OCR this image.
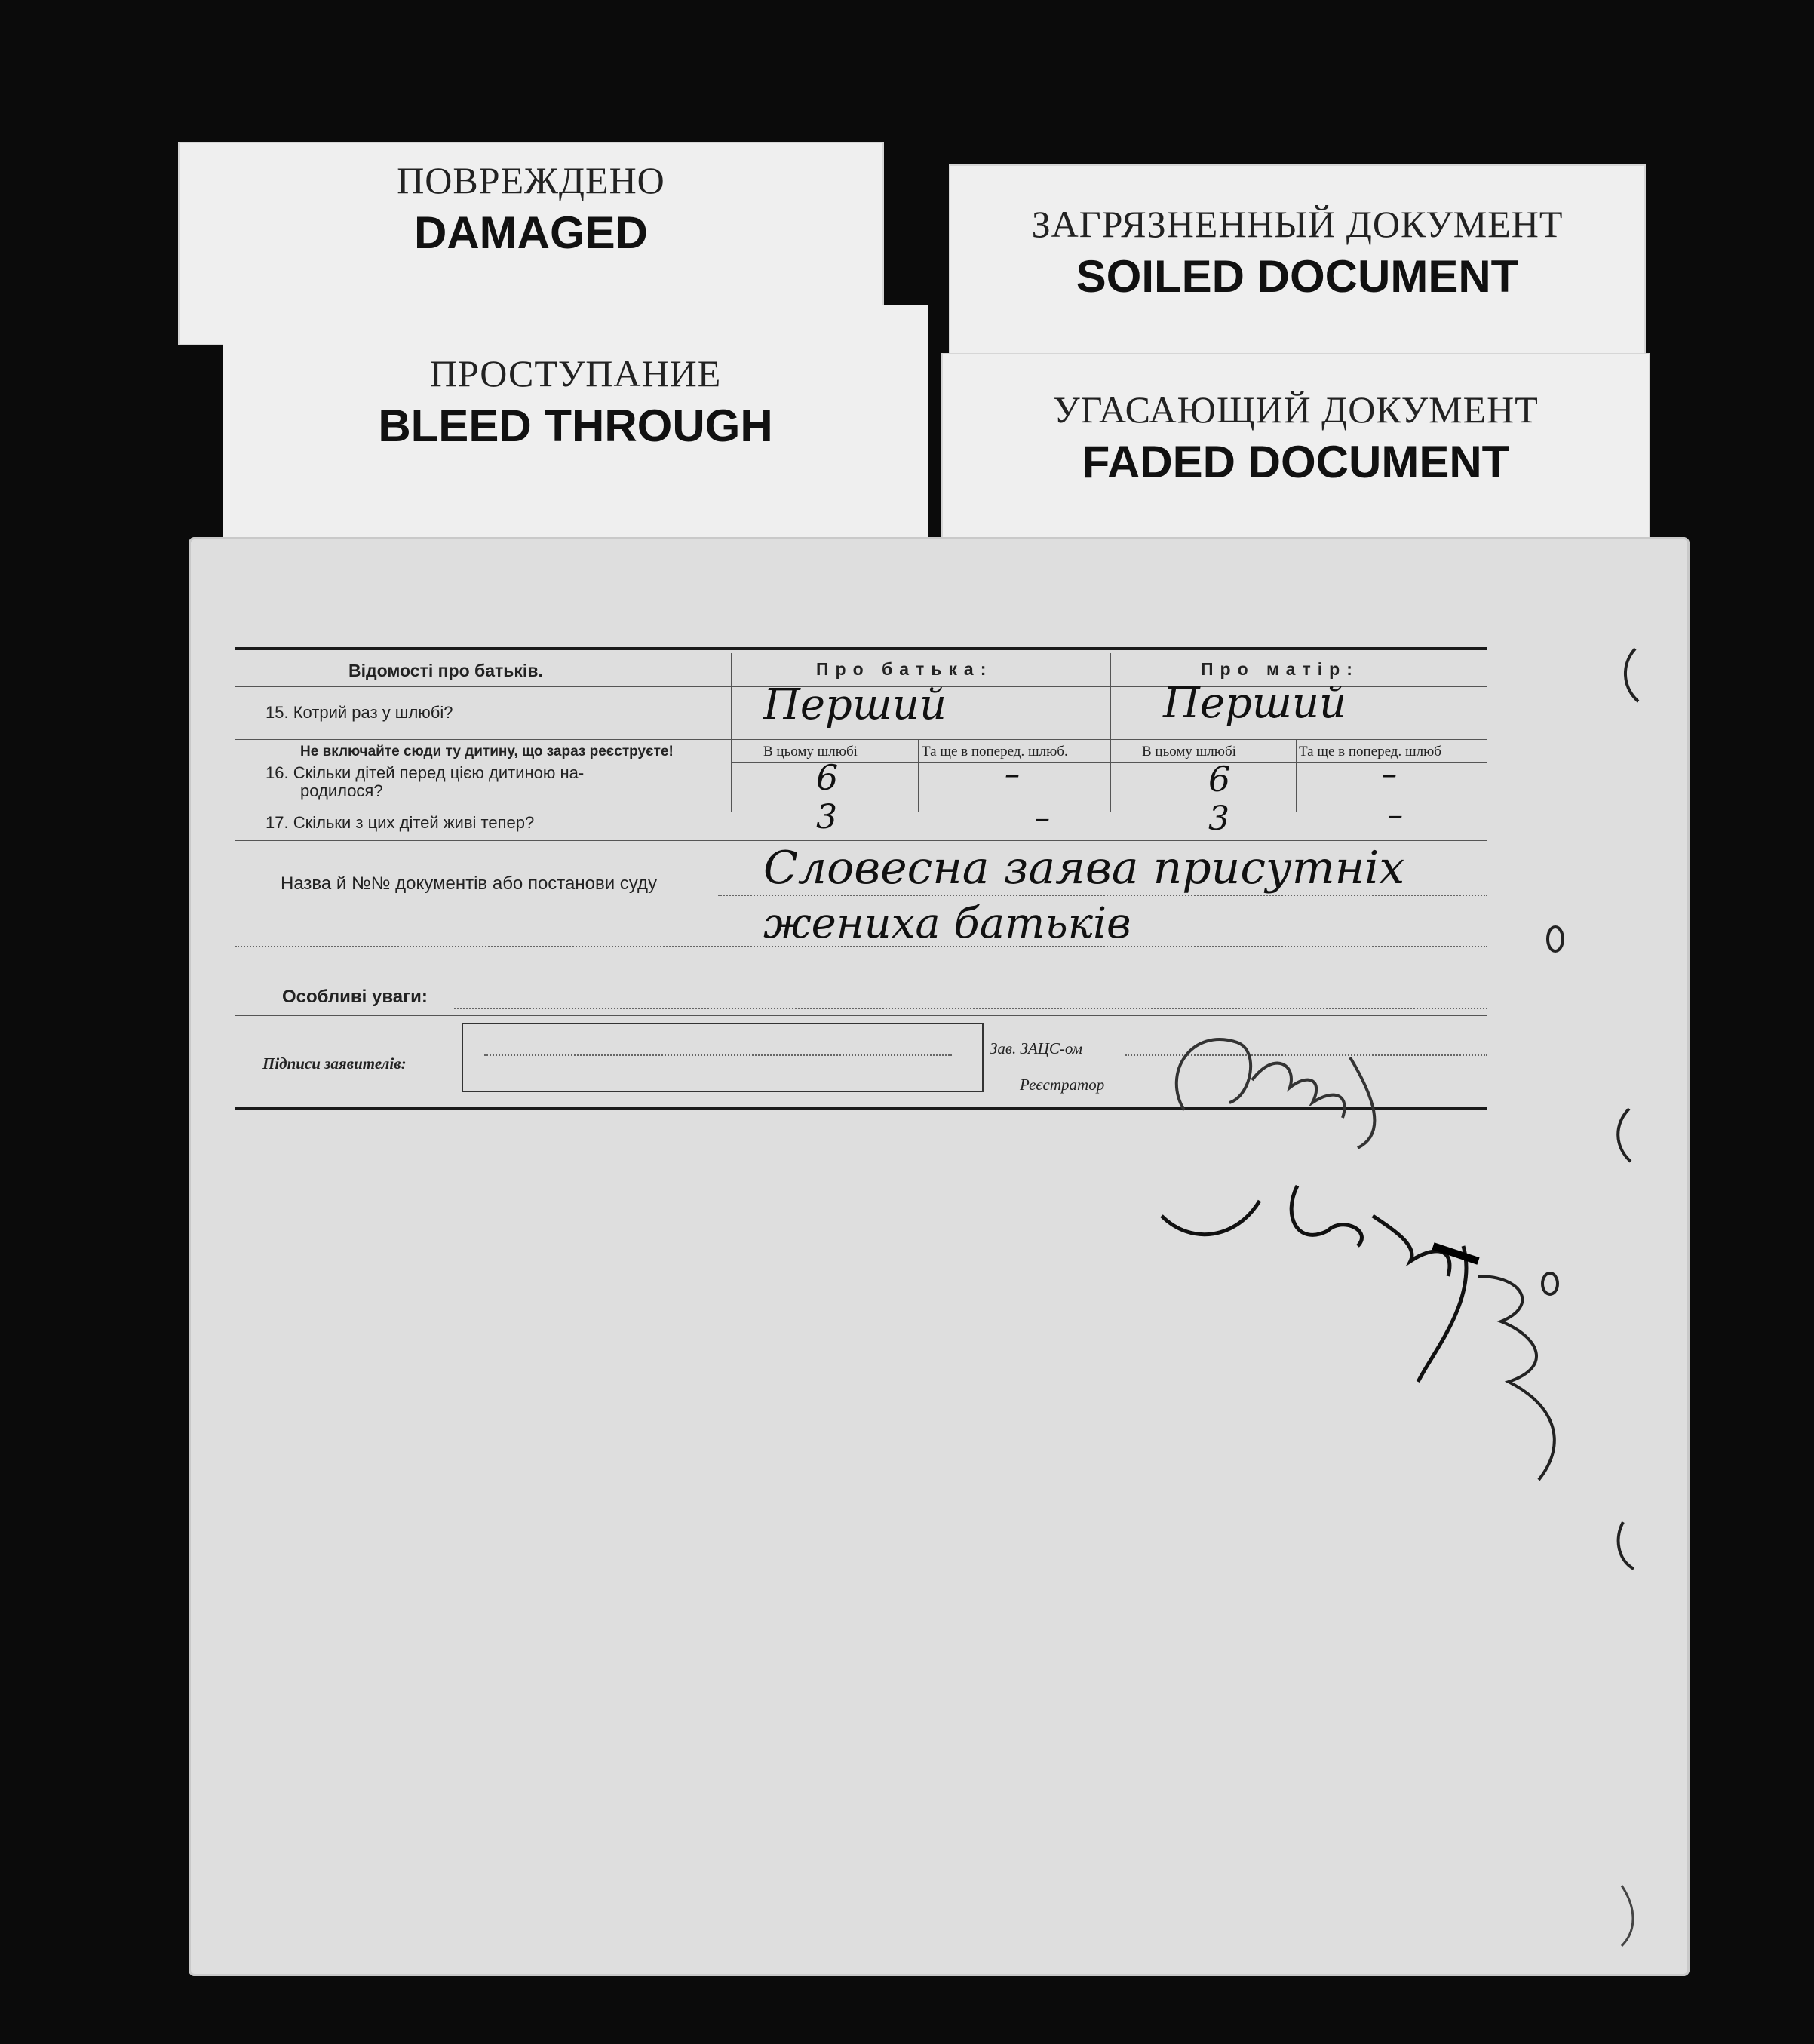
ПОВРЕЖДЕНО
DAMAGED	ЗАГРЯЗНЕННЫЙ ДОКУМЕНТ
SOILED DOCUMENT
ПРОСТУПАНИЕ
BLEED THROUGH	УГАСАЮЩИЙ ДОКУМЕНТ
FADED DOCUMENT
Відомості про батьків.	Про батька:	Про матір:
15. Котрий раз у шлюбі?	Перший	Перший
Не включайте сюди ту дитину, що зараз реєструєте!	В цьому шлюбі	Та ще в попеpед. шлюб.	В цьому шлюбі	Та ще в попеpед. шлюб
16. Скільки дітей перед цією дитиною на-
родилося?	6	–	6	–
17. Скільки з цих дітей живі тепер?	3	–	3	–
Назва й №№ документів або постанови суду Словесна заява присутніх
жениха батьків
Особливі уваги:
Підписи заявителів:
Зав. ЗАЦС-ом
Реєстратор
